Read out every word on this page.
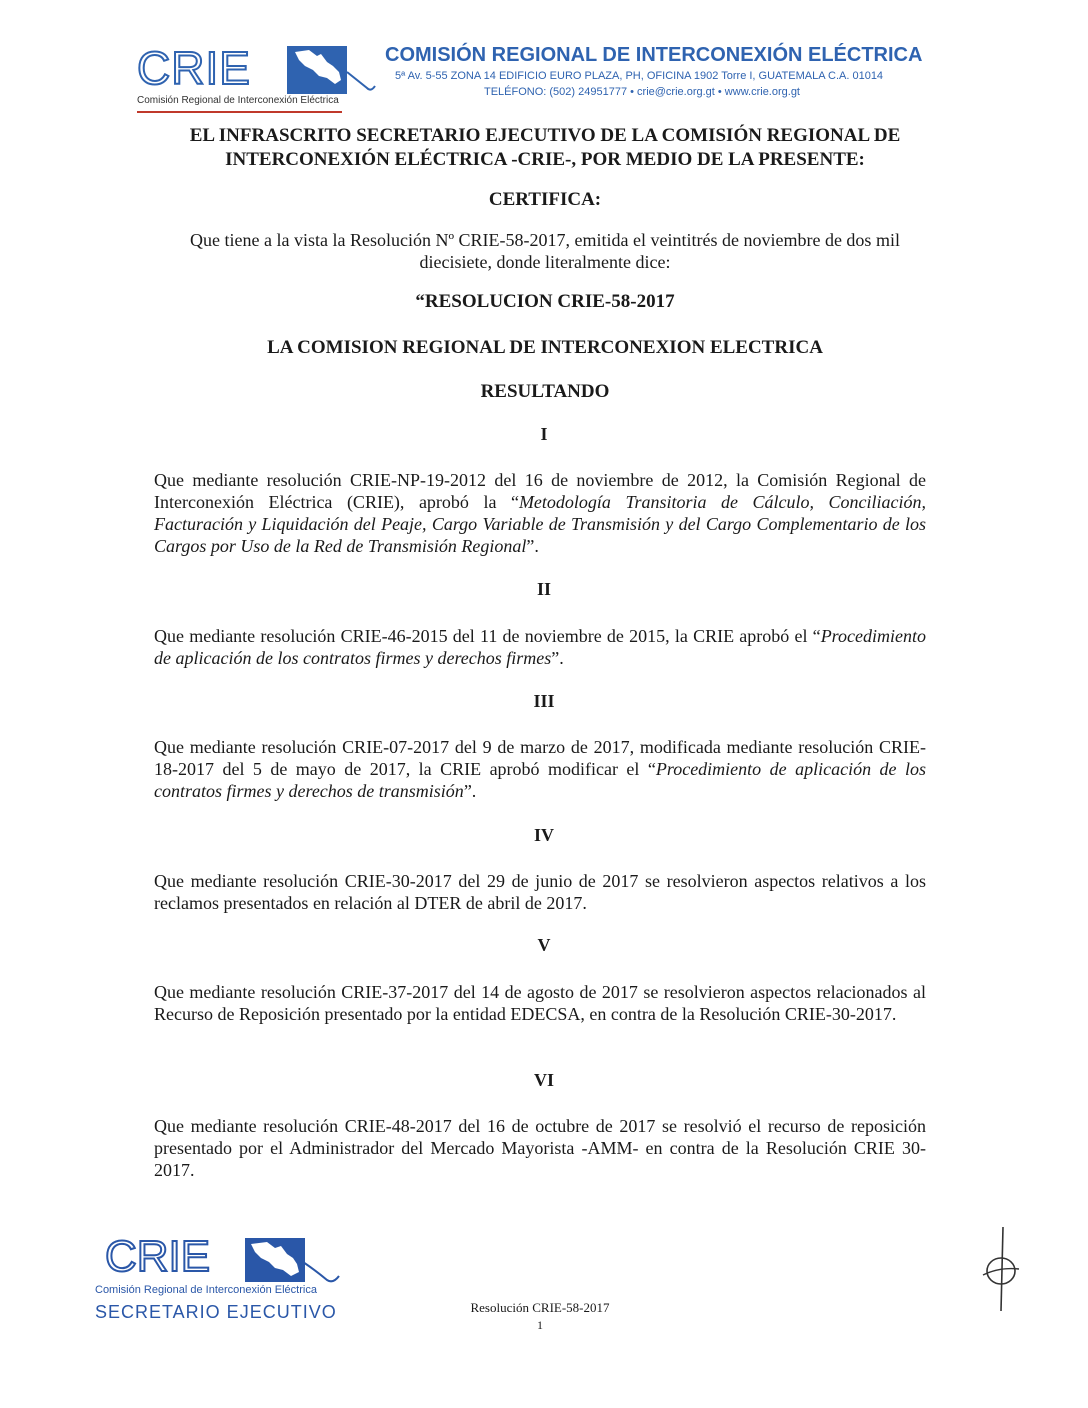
CRIE
Comisión Regional de Interconexión Eléctrica
COMISIÓN REGIONAL DE INTERCONEXIÓN ELÉCTRICA
5ª Av. 5-55 ZONA 14 EDIFICIO EURO PLAZA, PH, OFICINA 1902 Torre I, GUATEMALA C.A. 01014
TELÉFONO: (502) 24951777 • crie@crie.org.gt • www.crie.org.gt
EL INFRASCRITO SECRETARIO EJECUTIVO DE LA COMISIÓN REGIONAL DE
INTERCONEXIÓN ELÉCTRICA -CRIE-, POR MEDIO DE LA PRESENTE:
CERTIFICA:
Que tiene a la vista la Resolución Nº CRIE-58-2017, emitida el veintitrés de noviembre de dos mil
diecisiete, donde literalmente dice:
“RESOLUCION CRIE-58-2017
LA COMISION REGIONAL DE INTERCONEXION ELECTRICA
RESULTANDO
I
Que mediante resolución CRIE-NP-19-2012 del 16 de noviembre de 2012, la Comisión Regional de Interconexión Eléctrica (CRIE), aprobó la “Metodología Transitoria de Cálculo, Conciliación, Facturación y Liquidación del Peaje, Cargo Variable de Transmisión y del Cargo Complementario de los Cargos por Uso de la Red de Transmisión Regional”.
II
Que mediante resolución CRIE-46-2015 del 11 de noviembre de 2015, la CRIE aprobó el “Procedimiento de aplicación de los contratos firmes y derechos firmes”.
III
Que mediante resolución CRIE-07-2017 del 9 de marzo de 2017, modificada mediante resolución CRIE-18-2017 del 5 de mayo de 2017, la CRIE aprobó modificar el “Procedimiento de aplicación de los contratos firmes y derechos de transmisión”.
IV
Que mediante resolución CRIE-30-2017 del 29 de junio de 2017 se resolvieron aspectos relativos a los reclamos presentados en relación al DTER de abril de 2017.
V
Que mediante resolución CRIE-37-2017 del 14 de agosto de 2017 se resolvieron aspectos relacionados al Recurso de Reposición presentado por la entidad EDECSA, en contra de la Resolución CRIE-30-2017.
VI
Que mediante resolución CRIE-48-2017 del 16 de octubre de 2017 se resolvió el recurso de reposición presentado por el Administrador del Mercado Mayorista -AMM- en contra de la Resolución CRIE 30-2017.
CRIE
Comisión Regional de Interconexión Eléctrica
SECRETARIO EJECUTIVO	Resolución CRIE-58-2017
1
